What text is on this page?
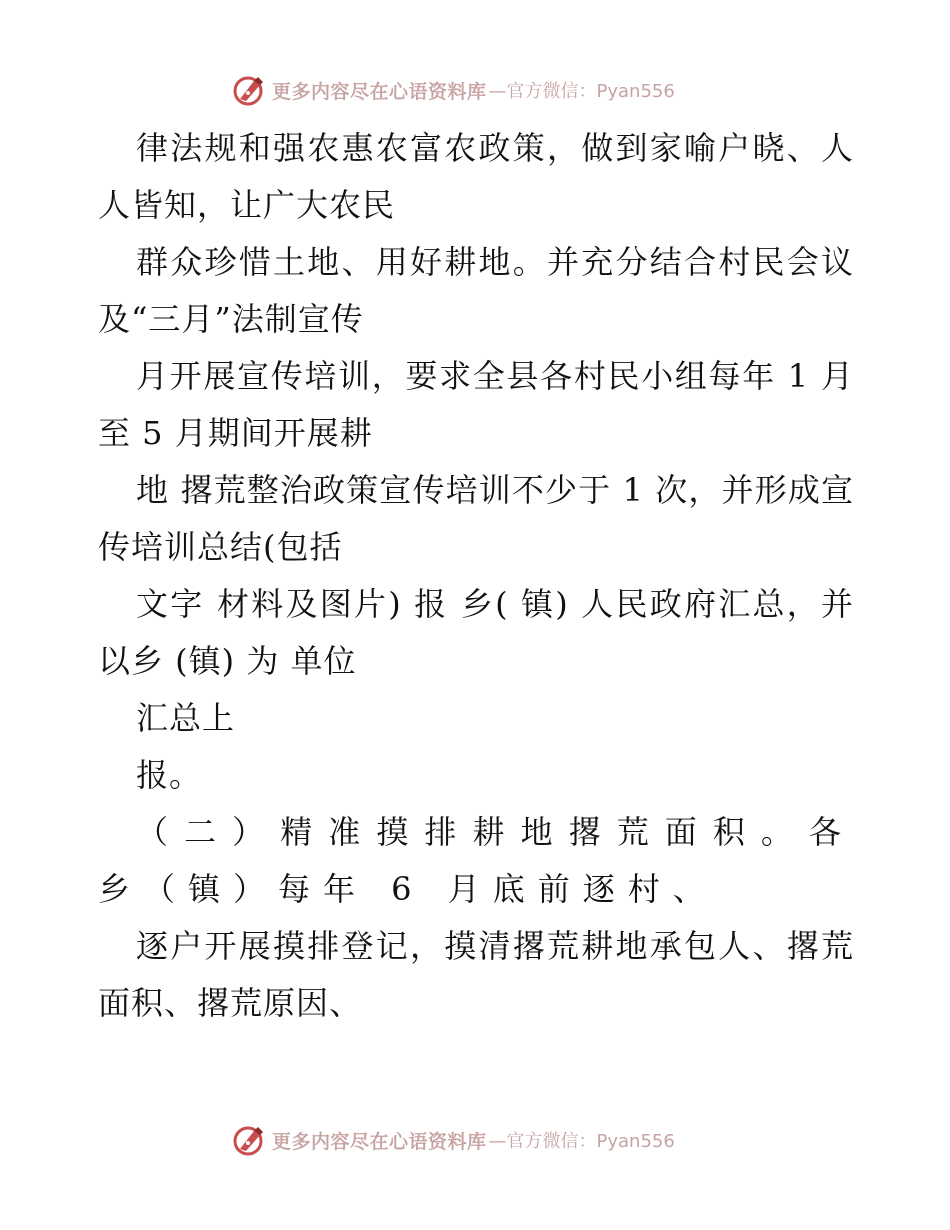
更多内容尽在心语资料库 —官方微信：Pyan556

律法规和强农惠农富农政策，做到家喻户晓、人人皆知，让广大农民

群众珍惜土地、用好耕地。并充分结合村民会议及“三月”法制宣传

月开展宣传培训，要求全县各村民小组每年 1 月至 5 月期间开展耕

地 撂荒整治政策宣传培训不少于 1 次，并形成宣传培训总结(包括

文字 材料及图片) 报 乡( 镇) 人民政府汇总，并以乡 (镇) 为 单位

汇总上

报。

（二）精准摸排耕地撂荒面积。各乡（镇）每年 6 月底前逐村、

逐户开展摸排登记，摸清撂荒耕地承包人、撂荒面积、撂荒原因、

更多内容尽在心语资料库 —官方微信：Pyan556
